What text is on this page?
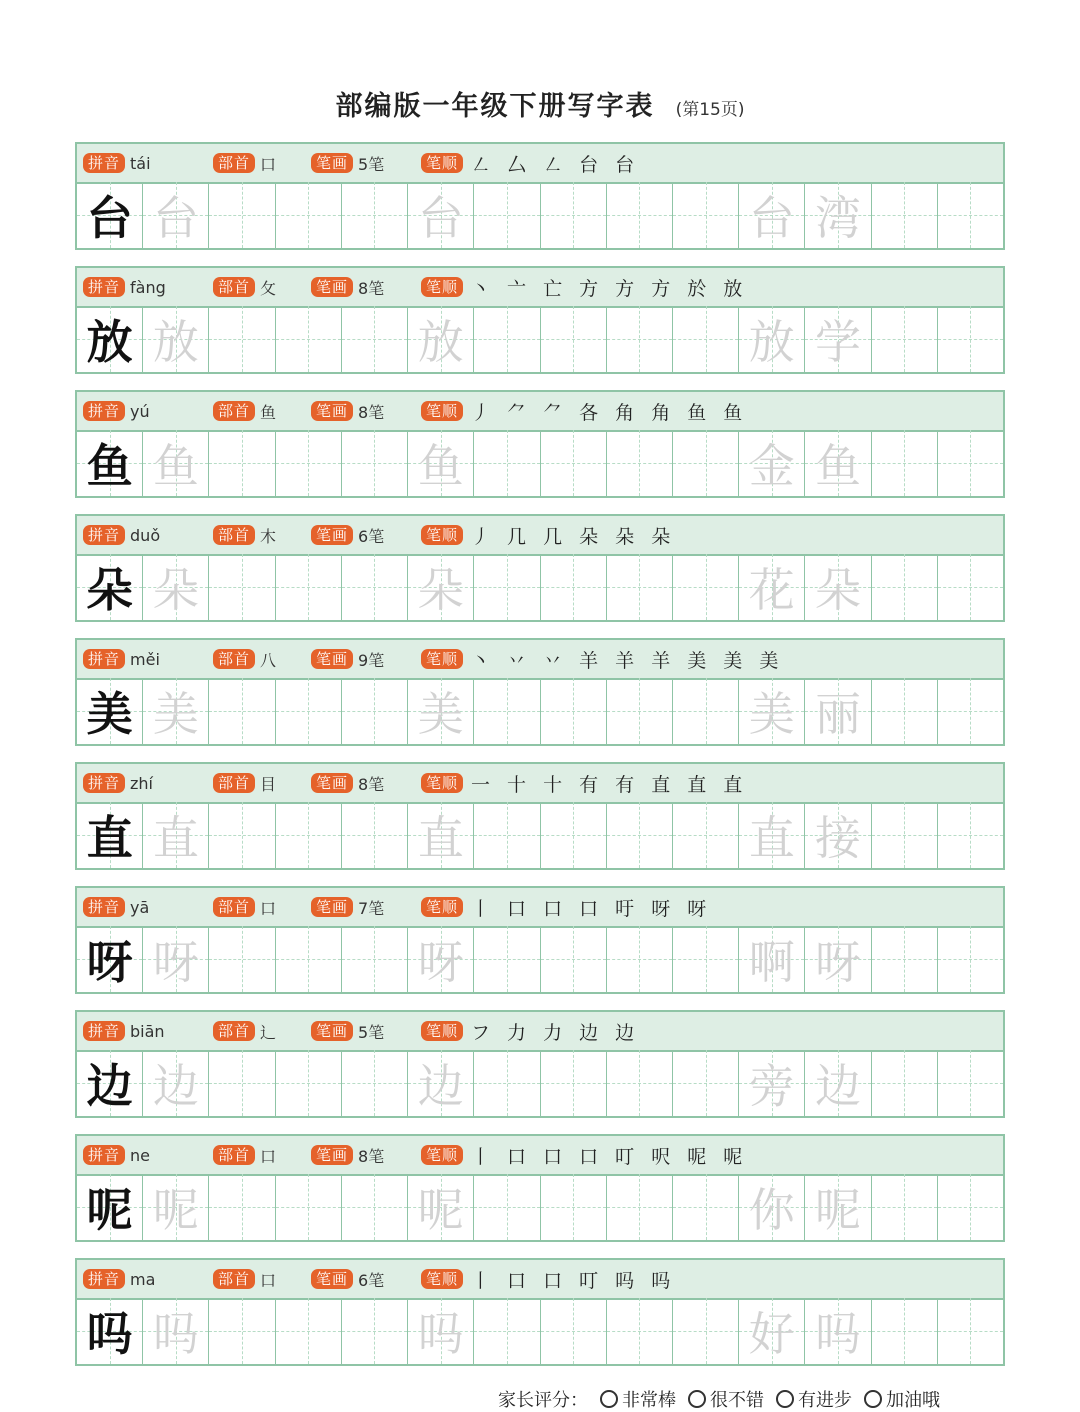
部编版一年级下册写字表 (第15页)
拼音 tái	部首 口	笔画 5笔	笔顺 ㇜ 厶 ㇜ 台 台
台 台	台	台 湾
拼音 fàng	部首 攵	笔画 8笔	笔顺 丶 亠 亡 方 方 方 於 放
放 放	放	放 学
拼音 yú	部首 鱼	笔画 8笔	笔顺 丿 ⺈ ⺈ 各 角 角 鱼 鱼
鱼 鱼	鱼	金 鱼
拼音 duǒ	部首 木	笔画 6笔	笔顺 丿 几 几 朵 朵 朵
朵 朵	朵	花 朵
拼音 měi	部首 八	笔画 9笔	笔顺 丶 丷 丷 羊 羊 羊 美 美 美
美 美	美	美 丽
拼音 zhí	部首 目	笔画 8笔	笔顺 一 十 十 有 有 直 直 直
直 直	直	直 接
拼音 yā	部首 口	笔画 7笔	笔顺 丨 口 口 口 吁 呀 呀
呀 呀	呀	啊 呀
拼音 biān	部首 辶	笔画 5笔	笔顺 フ 力 力 边 边
边 边	边	旁 边
拼音 ne	部首 口	笔画 8笔	笔顺 丨 口 口 口 叮 呎 呢 呢
呢 呢	呢	你 呢
拼音 ma	部首 口	笔画 6笔	笔顺 丨 口 口 叮 吗 吗
吗 吗	吗	好 吗
家长评分： 非常棒 很不错 有进步 加油哦
